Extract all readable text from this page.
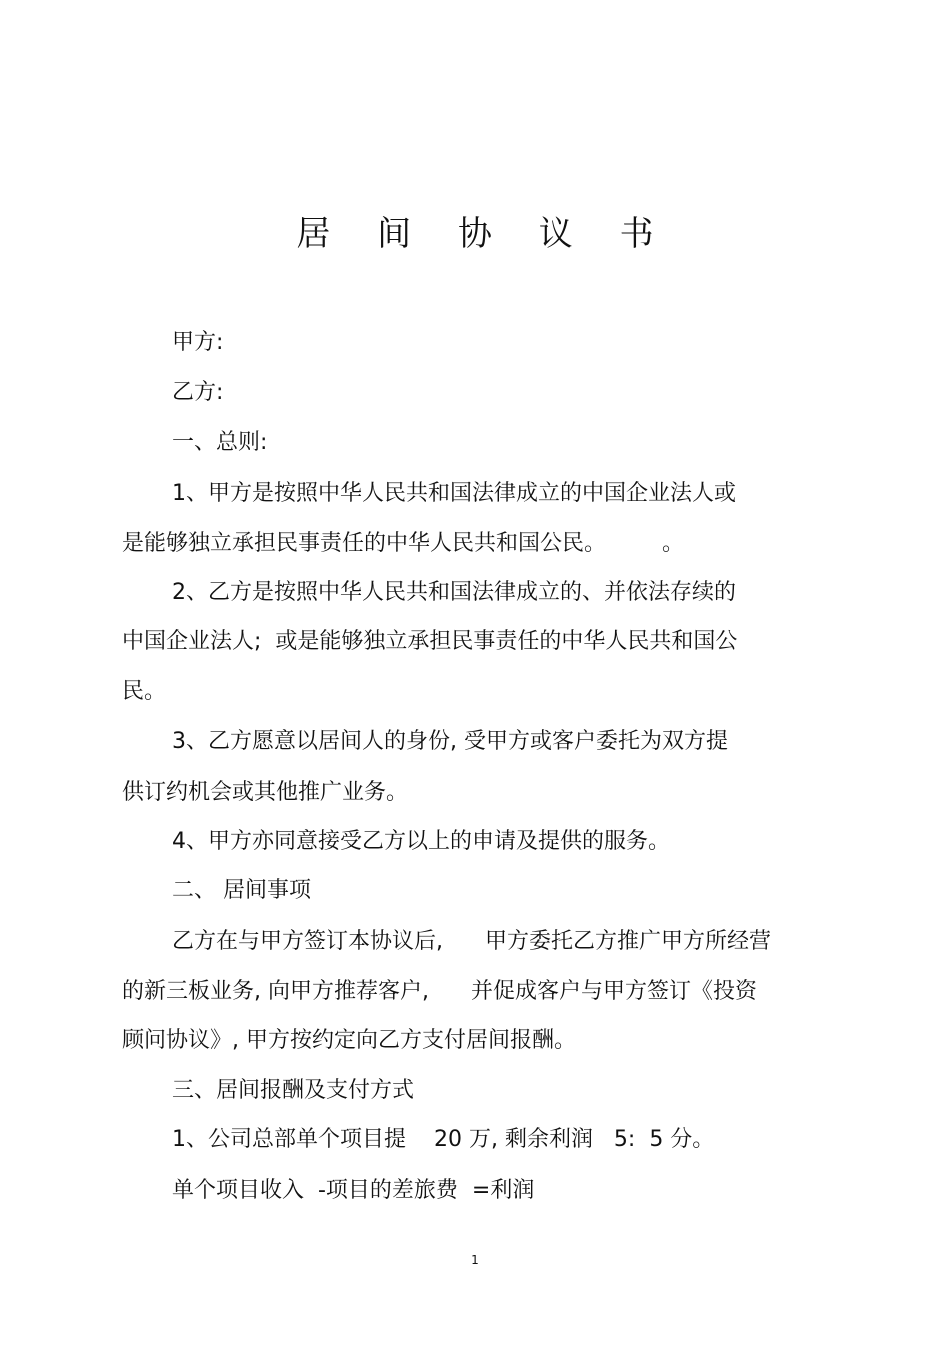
居 间 协 议 书
甲方:
乙方:
一、总则:
1、甲方是按照中华人民共和国法律成立的中国企业法人或
是能够独立承担民事责任的中华人民共和国公民。        。
2、乙方是按照中华人民共和国法律成立的、并依法存续的
中国企业法人;  或是能够独立承担民事责任的中华人民共和国公
民。
3、乙方愿意以居间人的身份, 受甲方或客户委托为双方提
供订约机会或其他推广业务。
4、甲方亦同意接受乙方以上的申请及提供的服务。
二、 居间事项
乙方在与甲方签订本协议后,      甲方委托乙方推广甲方所经营
的新三板业务, 向甲方推荐客户,      并促成客户与甲方签订《投资
顾问协议》, 甲方按约定向乙方支付居间报酬。
三、居间报酬及支付方式
1、公司总部单个项目提    20 万, 剩余利润   5:  5 分。
单个项目收入  -项目的差旅费  =利润
1
